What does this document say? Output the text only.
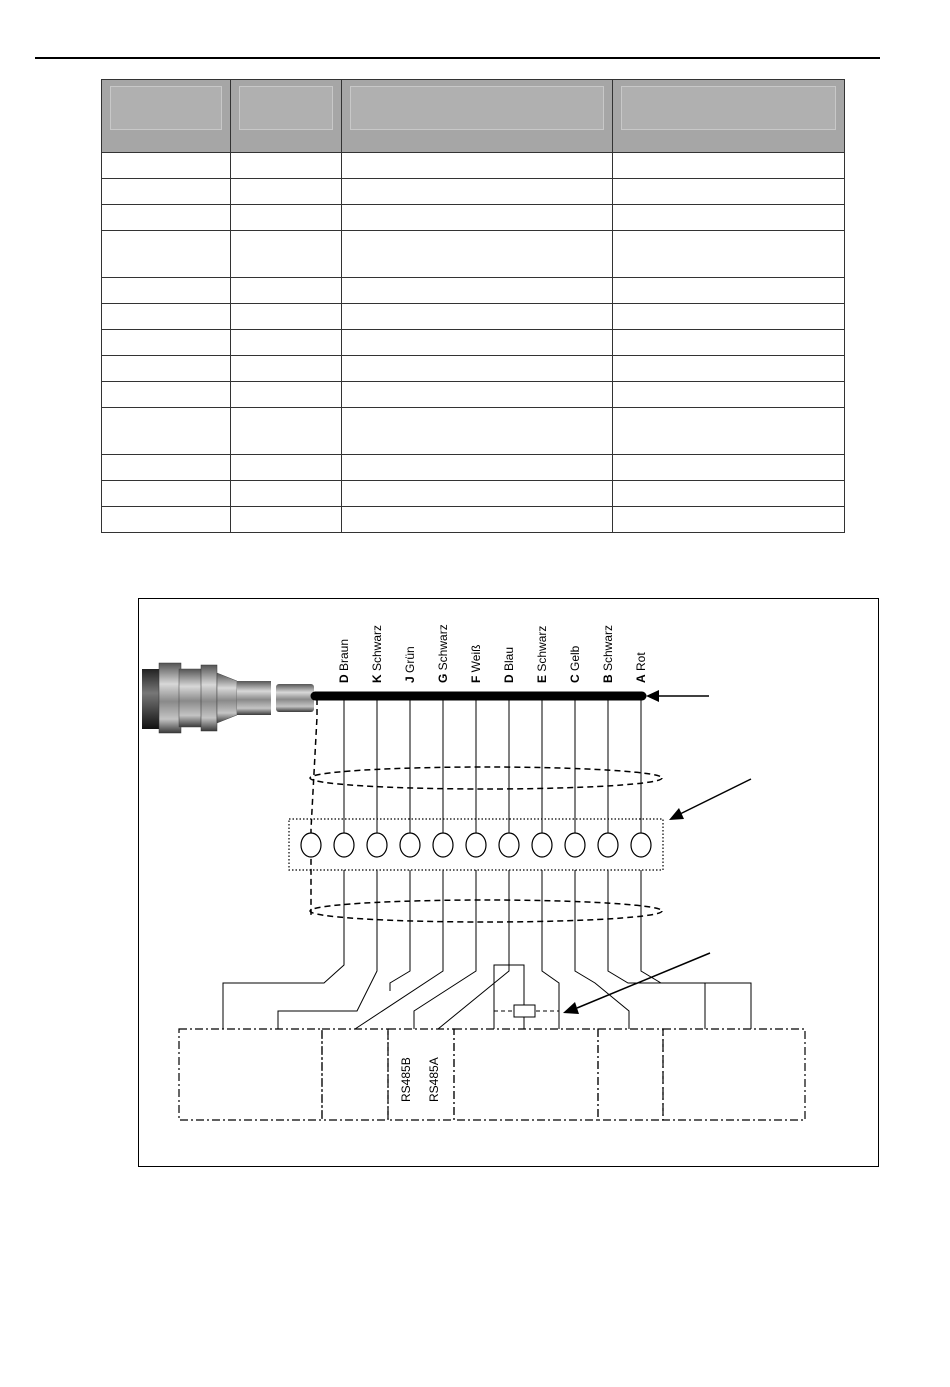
D Braun
K Schwarz
J Grün
G Schwarz
F Weiß
D Blau
E Schwarz
C Gelb
B Schwarz
A Rot
RS485B RS485A
